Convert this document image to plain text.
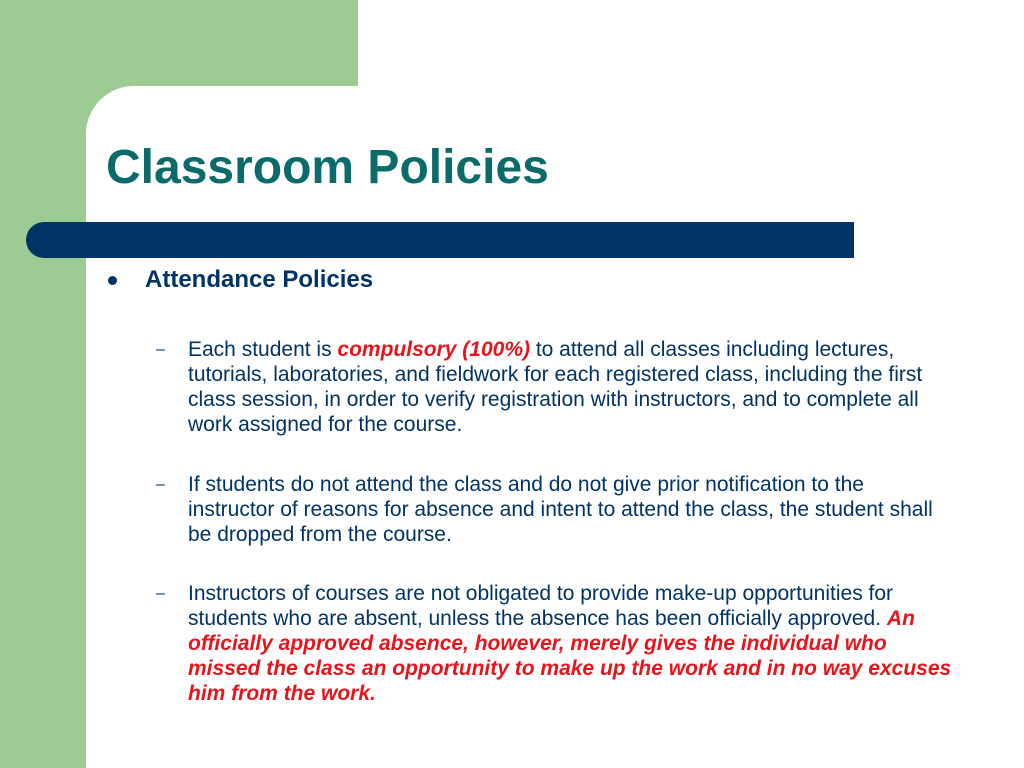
Classroom Policies
Attendance Policies
–	Each student is compulsory (100%) to attend all classes including lectures, tutorials, laboratories, and fieldwork for each registered class, including the first class session, in order to verify registration with instructors, and to complete all work assigned for the course.
–	If students do not attend the class and do not give prior notification to the instructor of reasons for absence and intent to attend the class, the student shall be dropped from the course.
–	Instructors of courses are not obligated to provide make-up opportunities for students who are absent, unless the absence has been officially approved. An officially approved absence, however, merely gives the individual who missed the class an opportunity to make up the work and in no way excuses him from the work.
